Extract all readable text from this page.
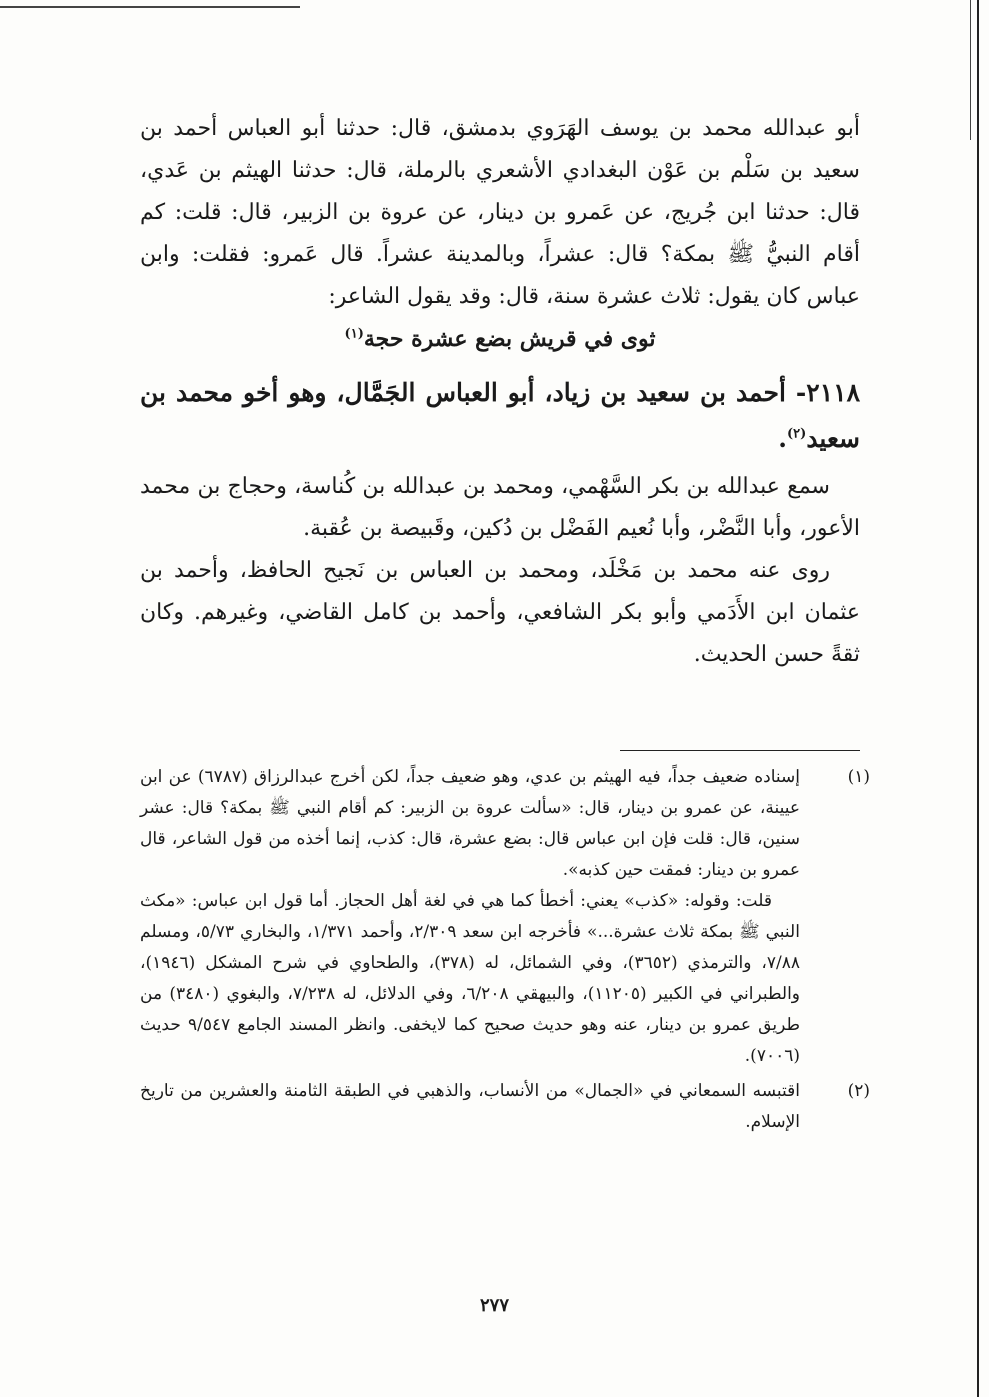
أبو عبدالله محمد بن يوسف الهَرَوي بدمشق، قال: حدثنا أبو العباس أحمد بن سعيد بن سَلْم بن عَوْن البغدادي الأشعري بالرملة، قال: حدثنا الهيثم بن عَدي، قال: حدثنا ابن جُريج، عن عَمرو بن دينار، عن عروة بن الزبير، قال: قلت: كم أقام النبيُّ ﷺ بمكة؟ قال: عشراً، وبالمدينة عشراً. قال عَمرو: فقلت: وابن عباس كان يقول: ثلاث عشرة سنة، قال: وقد يقول الشاعر:

ثوى في قريش بضع عشرة حجة$^{(١)}$

٢١١٨- أحمد بن سعيد بن زياد، أبو العباس الجَمَّال، وهو أخو محمد بن سعيد$^{(٢)}$.

سمع عبدالله بن بكر السَّهْمي، ومحمد بن عبدالله بن كُناسة، وحجاج بن محمد الأعور، وأبا النَّضْر، وأبا نُعيم الفَضْل بن دُكين، وقَبيصة بن عُقبة.

روى عنه محمد بن مَخْلَد، ومحمد بن العباس بن نَجيح الحافظ، وأحمد بن عثمان ابن الأَدَمي وأبو بكر الشافعي، وأحمد بن كامل القاضي، وغيرهم. وكان ثقةً حسن الحديث.

(١)
إسناده ضعيف جداً، فيه الهيثم بن عدي، وهو ضعيف جداً، لكن أخرج عبدالرزاق (٦٧٨٧) عن ابن عيينة، عن عمرو بن دينار، قال: «سألت عروة بن الزبير: كم أقام النبي ﷺ بمكة؟ قال: عشر سنين، قال: قلت فإن ابن عباس قال: بضع عشرة، قال: كذب، إنما أخذه من قول الشاعر، قال عمرو بن دينار: فمقت حين كذبه».

قلت: وقوله: «كذب» يعني: أخطأ كما هي في لغة أهل الحجاز. أما قول ابن عباس: «مكث النبي ﷺ بمكة ثلاث عشرة...» فأخرجه ابن سعد ٢/٣٠٩، وأحمد ١/٣٧١، والبخاري ٥/٧٣، ومسلم ٧/٨٨، والترمذي (٣٦٥٢)، وفي الشمائل، له (٣٧٨)، والطحاوي في شرح المشكل (١٩٤٦)، والطبراني في الكبير (١١٢٠٥)، والبيهقي ٦/٢٠٨، وفي الدلائل، له ٧/٢٣٨، والبغوي (٣٤٨٠) من طريق عمرو بن دينار، عنه وهو حديث صحيح كما لايخفى. وانظر المسند الجامع ٩/٥٤٧ حديث (٧٠٠٦).

(٢)
اقتبسه السمعاني في «الجمال» من الأنساب، والذهبي في الطبقة الثامنة والعشرين من تاريخ الإسلام.

٢٧٧
